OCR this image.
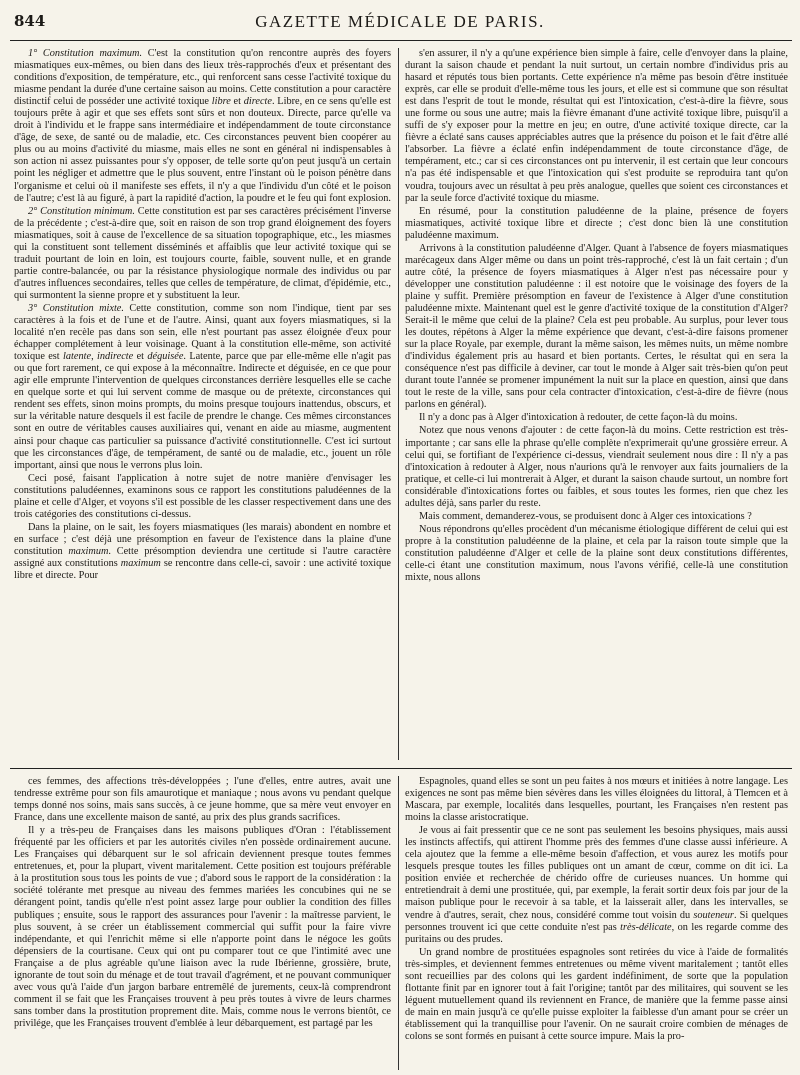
844	GAZETTE MÉDICALE DE PARIS.

1° Constitution maximum. C'est la constitution qu'on rencontre auprès des foyers miasmatiques eux-mêmes, ou bien dans des lieux très-rapprochés d'eux et présentant des conditions d'exposition, de température, etc., qui renforcent sans cesse l'activité toxique du miasme pendant la durée d'une certaine saison au moins. Cette constitution a pour caractère distinctif celui de posséder une activité toxique libre et directe. Libre, en ce sens qu'elle est toujours prête à agir et que ses effets sont sûrs et non douteux. Directe, parce qu'elle va droit à l'individu et le frappe sans intermédiaire et indépendamment de toute circonstance d'âge, de sexe, de santé ou de maladie, etc. Ces circonstances peuvent bien coopérer au plus ou au moins d'activité du miasme, mais elles ne sont en général ni indispensables à son action ni assez puissantes pour s'y opposer, de telle sorte qu'on peut jusqu'à un certain point les négliger et admettre que le plus souvent, entre l'instant où le poison pénètre dans l'organisme et celui où il manifeste ses effets, il n'y a que l'individu d'un côté et le poison de l'autre; c'est là au figuré, à part la rapidité d'action, la poudre et le feu qui font explosion.

2° Constitution minimum. Cette constitution est par ses caractères précisément l'inverse de la précédente ; c'est-à-dire que, soit en raison de son trop grand éloignement des foyers miasmatiques, soit à cause de l'excellence de sa situation topographique, etc., les miasmes qui la constituent sont tellement disséminés et affaiblis que leur activité toxique qui se traduit pourtant de loin en loin, est toujours courte, faible, souvent nulle, et en grande partie contre-balancée, ou par la résistance physiologique normale des individus ou par d'autres influences secondaires, telles que celles de température, de climat, d'épidémie, etc., qui surmontent la sienne propre et y substituent la leur.

3° Constitution mixte. Cette constitution, comme son nom l'indique, tient par ses caractères à la fois et de l'une et de l'autre. Ainsi, quant aux foyers miasmatiques, si la localité n'en recèle pas dans son sein, elle n'est pourtant pas assez éloignée d'eux pour échapper complétement à leur voisinage. Quant à la constitution elle-même, son activité toxique est latente, indirecte et déguisée. Latente, parce que par elle-même elle n'agit pas ou que fort rarement, ce qui expose à la méconnaître. Indirecte et déguisée, en ce que pour agir elle emprunte l'intervention de quelques circonstances derrière lesquelles elle se cache en quelque sorte et qui lui servent comme de masque ou de prétexte, circonstances qui rendent ses effets, sinon moins prompts, du moins presque toujours inattendus, obscurs, et sur la véritable nature desquels il est facile de prendre le change. Ces mêmes circonstances sont en outre de véritables causes auxiliaires qui, venant en aide au miasme, augmentent ainsi pour chaque cas particulier sa puissance d'activité constitutionnelle. C'est ici surtout que les circonstances d'âge, de tempérament, de santé ou de maladie, etc., jouent un rôle important, ainsi que nous le verrons plus loin.

Ceci posé, faisant l'application à notre sujet de notre manière d'envisager les constitutions paludéennes, examinons sous ce rapport les constitutions paludéennes de la plaine et celle d'Alger, et voyons s'il est possible de les classer respectivement dans une des trois catégories des constitutions ci-dessus.

Dans la plaine, on le sait, les foyers miasmatiques (les marais) abondent en nombre et en surface ; c'est déjà une présomption en faveur de l'existence dans la plaine d'une constitution maximum. Cette présomption deviendra une certitude si l'autre caractère assigné aux constitutions maximum se rencontre dans celle-ci, savoir : une activité toxique libre et directe. Pour

s'en assurer, il n'y a qu'une expérience bien simple à faire, celle d'envoyer dans la plaine, durant la saison chaude et pendant la nuit surtout, un certain nombre d'individus pris au hasard et réputés tous bien portants. Cette expérience n'a même pas besoin d'être instituée exprès, car elle se produit d'elle-même tous les jours, et elle est si commune que son résultat est dans l'esprit de tout le monde, résultat qui est l'intoxication, c'est-à-dire la fièvre, sous une forme ou sous une autre; mais la fièvre émanant d'une activité toxique libre, puisqu'il a suffi de s'y exposer pour la mettre en jeu; en outre, d'une activité toxique directe, car la fièvre a éclaté sans causes appréciables autres que la présence du poison et le fait d'être allé l'absorber. La fièvre a éclaté enfin indépendamment de toute circonstance d'âge, de tempérament, etc.; car si ces circonstances ont pu intervenir, il est certain que leur concours n'a pas été indispensable et que l'intoxication qui s'est produite se reproduira tant qu'on voudra, toujours avec un résultat à peu près analogue, quelles que soient ces circonstances et par la seule force d'activité toxique du miasme.

En résumé, pour la constitution paludéenne de la plaine, présence de foyers miasmatiques, activité toxique libre et directe ; c'est donc bien là une constitution paludéenne maximum.

Arrivons à la constitution paludéenne d'Alger. Quant à l'absence de foyers miasmatiques marécageux dans Alger même ou dans un point très-rapproché, c'est là un fait certain ; d'un autre côté, la présence de foyers miasmatiques à Alger n'est pas nécessaire pour y développer une constitution paludéenne : il est notoire que le voisinage des foyers de la plaine y suffit. Première présomption en faveur de l'existence à Alger d'une constitution paludéenne mixte. Maintenant quel est le genre d'activité toxique de la constitution d'Alger? Serait-il le même que celui de la plaine? Cela est peu probable. Au surplus, pour lever tous les doutes, répétons à Alger la même expérience que devant, c'est-à-dire faisons promener sur la place Royale, par exemple, durant la même saison, les mêmes nuits, un même nombre d'individus également pris au hasard et bien portants. Certes, le résultat qui en sera la conséquence n'est pas difficile à deviner, car tout le monde à Alger sait très-bien qu'on peut durant toute l'année se promener impunément la nuit sur la place en question, ainsi que dans tout le reste de la ville, sans pour cela contracter d'intoxication, c'est-à-dire de fièvre (nous parlons en général).

Il n'y a donc pas à Alger d'intoxication à redouter, de cette façon-là du moins.

Notez que nous venons d'ajouter : de cette façon-là du moins. Cette restriction est très-importante ; car sans elle la phrase qu'elle complète n'exprimerait qu'une grossière erreur. A celui qui, se fortifiant de l'expérience ci-dessus, viendrait seulement nous dire : Il n'y a pas d'intoxication à redouter à Alger, nous n'aurions qu'à le renvoyer aux faits journaliers de la pratique, et celle-ci lui montrerait à Alger, et durant la saison chaude surtout, un nombre fort considérable d'intoxications fortes ou faibles, et sous toutes les formes, rien que chez les adultes déjà, sans parler du reste.

Mais comment, demanderez-vous, se produisent donc à Alger ces intoxications ?

Nous répondrons qu'elles procèdent d'un mécanisme étiologique différent de celui qui est propre à la constitution paludéenne de la plaine, et cela par la raison toute simple que la constitution paludéenne d'Alger et celle de la plaine sont deux constitutions différentes, celle-ci étant une constitution maximum, nous l'avons vérifié, celle-là une constitution mixte, nous allons

ces femmes, des affections très-développées ; l'une d'elles, entre autres, avait une tendresse extrême pour son fils amaurotique et maniaque ; nous avons vu pendant quelque temps donné nos soins, mais sans succès, à ce jeune homme, que sa mère veut envoyer en France, dans une excellente maison de santé, au prix des plus grands sacrifices.

Il y a très-peu de Françaises dans les maisons publiques d'Oran : l'établissement fréquenté par les officiers et par les autorités civiles n'en possède ordinairement aucune. Les Françaises qui débarquent sur le sol africain deviennent presque toutes femmes entretenues, et, pour la plupart, vivent maritalement. Cette position est toujours préférable à la prostitution sous tous les points de vue ; d'abord sous le rapport de la considération : la société tolérante met presque au niveau des femmes mariées les concubines qui ne se dérangent point, tandis qu'elle n'est point assez large pour oublier la condition des filles publiques ; ensuite, sous le rapport des assurances pour l'avenir : la maîtresse parvient, le plus souvent, à se créer un établissement commercial qui suffit pour la faire vivre indépendante, et qui l'enrichit même si elle n'apporte point dans le négoce les goûts dépensiers de la courtisane. Ceux qui ont pu comparer tout ce que l'intimité avec une Française a de plus agréable qu'une liaison avec la rude Ibérienne, grossière, brute, ignorante de tout soin du ménage et de tout travail d'agrément, et ne pouvant communiquer avec vous qu'à l'aide d'un jargon barbare entremêlé de jurements, ceux-là comprendront comment il se fait que les Françaises trouvent à peu près toutes à vivre de leurs charmes sans tomber dans la prostitution proprement dite. Mais, comme nous le verrons bientôt, ce privilége, que les Françaises trouvent d'emblée à leur débarquement, est partagé par les

Espagnoles, quand elles se sont un peu faites à nos mœurs et initiées à notre langage. Les exigences ne sont pas même bien sévères dans les villes éloignées du littoral, à Tlemcen et à Mascara, par exemple, localités dans lesquelles, pourtant, les Françaises n'en restent pas moins la classe aristocratique.

Je vous ai fait pressentir que ce ne sont pas seulement les besoins physiques, mais aussi les instincts affectifs, qui attirent l'homme près des femmes d'une classe aussi inférieure. A cela ajoutez que la femme a elle-même besoin d'affection, et vous aurez les motifs pour lesquels presque toutes les filles publiques ont un amant de cœur, comme on dit ici. La position enviée et recherchée de chérido offre de curieuses nuances. Un homme qui entretiendrait à demi une prostituée, qui, par exemple, la ferait sortir deux fois par jour de la maison publique pour le recevoir à sa table, et la laisserait aller, dans les intervalles, se vendre à d'autres, serait, chez nous, considéré comme tout voisin du souteneur. Si quelques personnes trouvent ici que cette conduite n'est pas très-délicate, on les regarde comme des puritains ou des prudes.

Un grand nombre de prostituées espagnoles sont retirées du vice à l'aide de formalités très-simples, et deviennent femmes entretenues ou même vivent maritalement ; tantôt elles sont recueillies par des colons qui les gardent indéfiniment, de sorte que la population flottante finit par en ignorer tout à fait l'origine; tantôt par des militaires, qui souvent se les léguent mutuellement quand ils reviennent en France, de manière que la femme passe ainsi de main en main jusqu'à ce qu'elle puisse exploiter la faiblesse d'un amant pour se créer un établissement qui la tranquillise pour l'avenir. On ne saurait croire combien de ménages de colons se sont formés en puisant à cette source impure. Mais la pro-
